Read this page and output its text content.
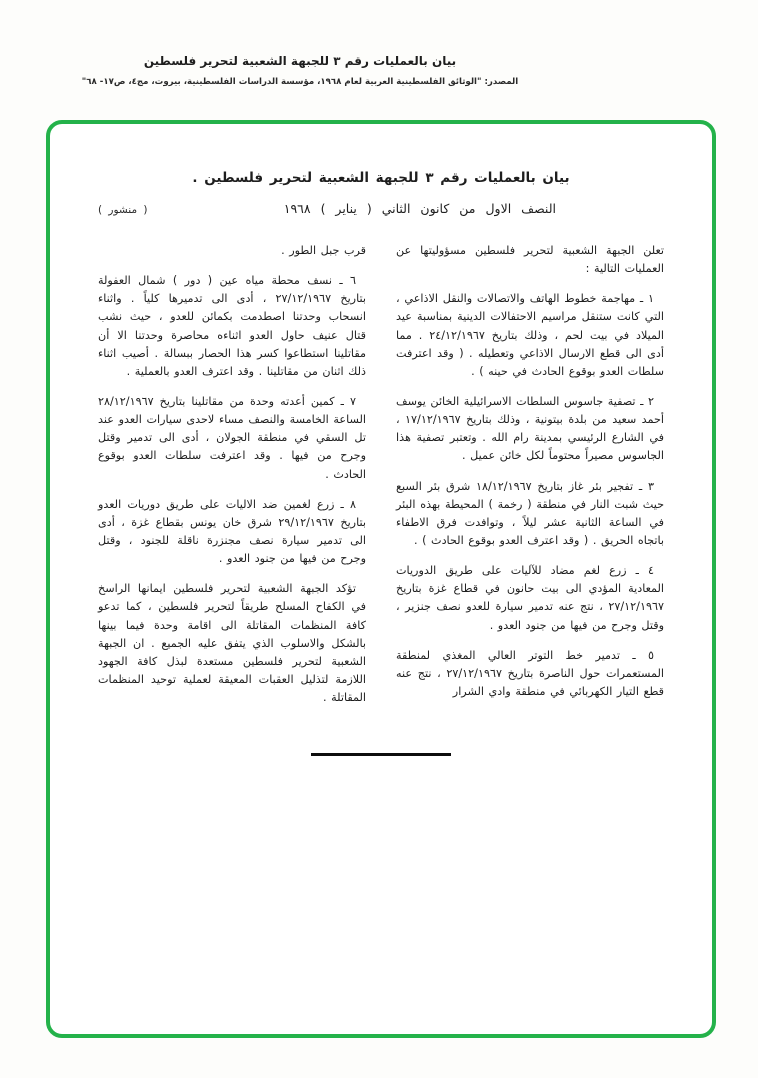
بيان بالعمليات رقم ٣ للجبهة الشعبية لتحرير فلسطين
المصدر: "الوثائق الفلسطينية العربية لعام ١٩٦٨، مؤسسة الدراسات الفلسطينية، بيروت، مج٤، ص١٧- ٦٨"
بيان بالعمليات رقم ٣ للجبهة الشعبية لتحرير فلسطين .
النصف الاول من كانون الثاني ( يناير ) ١٩٦٨
( منشور )

تعلن الجبهة الشعبية لتحرير فلسطين مسؤوليتها عن العمليات التالية :

١ ـ مهاجمة خطوط الهاتف والاتصالات والنقل الاذاعي ، التي كانت ستنقل مراسيم الاحتفالات الدينية بمناسبة عيد الميلاد في بيت لحم ، وذلك بتاريخ ٢٤/١٢/١٩٦٧ . مما أدى الى قطع الارسال الاذاعي وتعطيله . ( وقد اعترفت سلطات العدو بوقوع الحادث في حينه ) .

٢ ـ تصفية جاسوس السلطات الاسرائيلية الخائن يوسف أحمد سعيد من بلدة بيتونية ، وذلك بتاريخ ١٧/١٢/١٩٦٧ ، في الشارع الرئيسي بمدينة رام الله . وتعتبر تصفية هذا الجاسوس مصيراً محتوماً لكل خائن عميل .

٣ ـ تفجير بئر غاز بتاريخ ١٨/١٢/١٩٦٧ شرق بئر السبع حيث شبت النار في منطقة ( رخمة ) المحيطة بهذه البئر في الساعة الثانية عشر ليلاً ، وتوافدت فرق الاطفاء باتجاه الحريق . ( وقد اعترف العدو بوقوع الحادث ) .

٤ ـ زرع لغم مضاد للآليات على طريق الدوريات المعادية المؤدي الى بيت حانون في قطاع غزة بتاريخ ٢٧/١٢/١٩٦٧ ، نتج عنه تدمير سيارة للعدو نصف جنزير ، وقتل وجرح من فيها من جنود العدو .

٥ ـ تدمير خط التوتر العالي المغذي لمنطقة المستعمرات حول الناصرة بتاريخ ٢٧/١٢/١٩٦٧ ، نتج عنه قطع التيار الكهربائي في منطقة وادي الشرار

قرب جبل الطور .

٦ ـ نسف محطة مياه عين ( دور ) شمال العفولة بتاريخ ٢٧/١٢/١٩٦٧ ، أدى الى تدميرها كلياً . واثناء انسحاب وحدتنا اصطدمت بكمائن للعدو ، حيث نشب قتال عنيف حاول العدو اثناءه محاصرة وحدتنا الا أن مقاتلينا استطاعوا كسر هذا الحصار ببسالة . أصيب اثناء ذلك اثنان من مقاتلينا . وقد اعترف العدو بالعملية .

٧ ـ كمين أعدته وحدة من مقاتلينا بتاريخ ٢٨/١٢/١٩٦٧ الساعة الخامسة والنصف مساء لاحدى سيارات العدو عند تل السقي في منطقة الجولان ، أدى الى تدمير وقتل وجرح من فيها . وقد اعترفت سلطات العدو بوقوع الحادث .

٨ ـ زرع لغمين ضد الاليات على طريق دوريات العدو بتاريخ ٢٩/١٢/١٩٦٧ شرق خان يونس بقطاع غزة ، أدى الى تدمير سيارة نصف مجنزرة ناقلة للجنود ، وقتل وجرح من فيها من جنود العدو .

تؤكد الجبهة الشعبية لتحرير فلسطين ايمانها الراسخ في الكفاح المسلح طريقاً لتحرير فلسطين ، كما تدعو كافة المنظمات المقاتلة الى اقامة وحدة فيما بينها بالشكل والاسلوب الذي يتفق عليه الجميع . ان الجبهة الشعبية لتحرير فلسطين مستعدة لبذل كافة الجهود اللازمة لتذليل العقبات المعيقة لعملية توحيد المنظمات المقاتلة .
